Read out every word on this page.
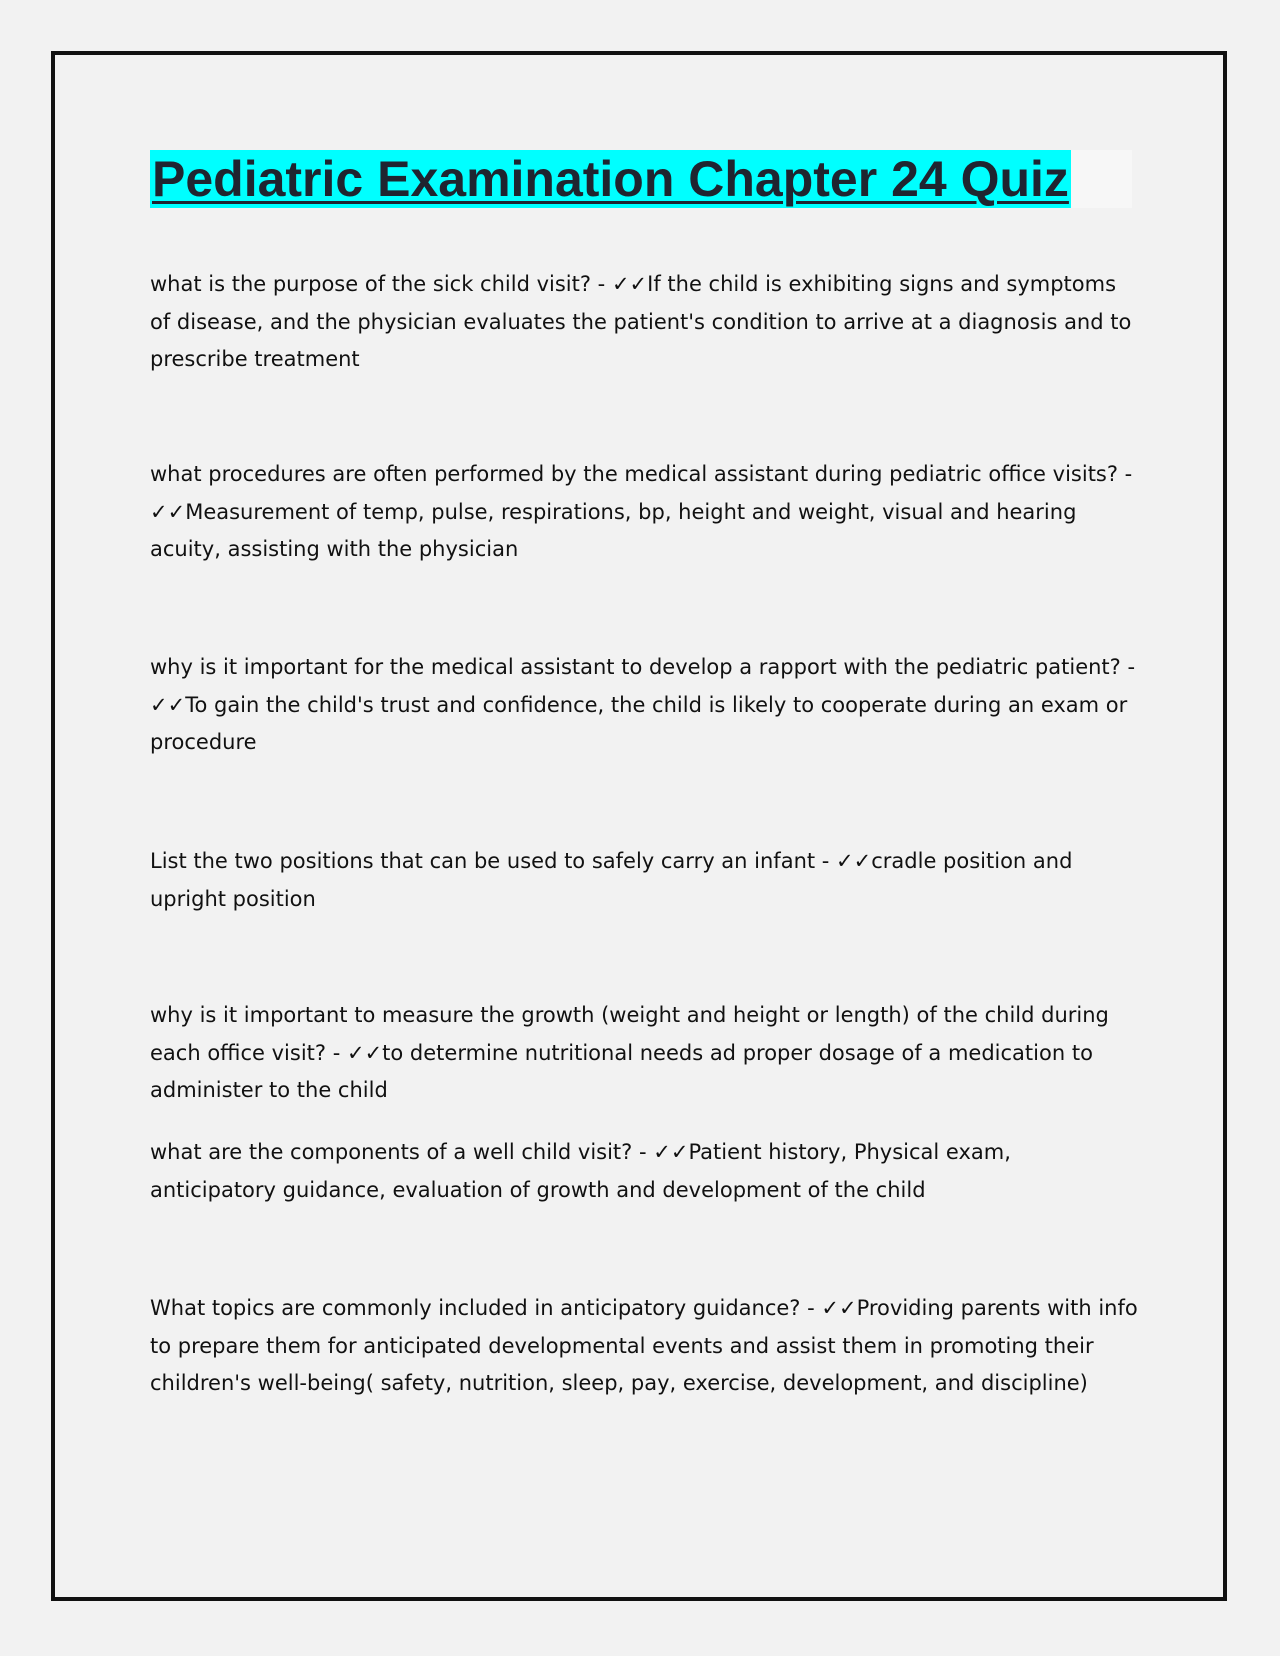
Pediatric Examination Chapter 24 Quiz

what is the purpose of the sick child visit? - ✓✓If the child is exhibiting signs and symptoms of disease, and the physician evaluates the patient's condition to arrive at a diagnosis and to prescribe treatment

what procedures are often performed by the medical assistant during pediatric office visits? - ✓✓Measurement of temp, pulse, respirations, bp, height and weight, visual and hearing acuity, assisting with the physician

why is it important for the medical assistant to develop a rapport with the pediatric patient? - ✓✓To gain the child's trust and confidence, the child is likely to cooperate during an exam or procedure

List the two positions that can be used to safely carry an infant - ✓✓cradle position and upright position

why is it important to measure the growth (weight and height or length) of the child during each office visit? - ✓✓to determine nutritional needs ad proper dosage of a medication to administer to the child

what are the components of a well child visit? - ✓✓Patient history, Physical exam, anticipatory guidance, evaluation of growth and development of the child

What topics are commonly included in anticipatory guidance? - ✓✓Providing parents with info to prepare them for anticipated developmental events and assist them in promoting their children's well-being( safety, nutrition, sleep, pay, exercise, development, and discipline)
